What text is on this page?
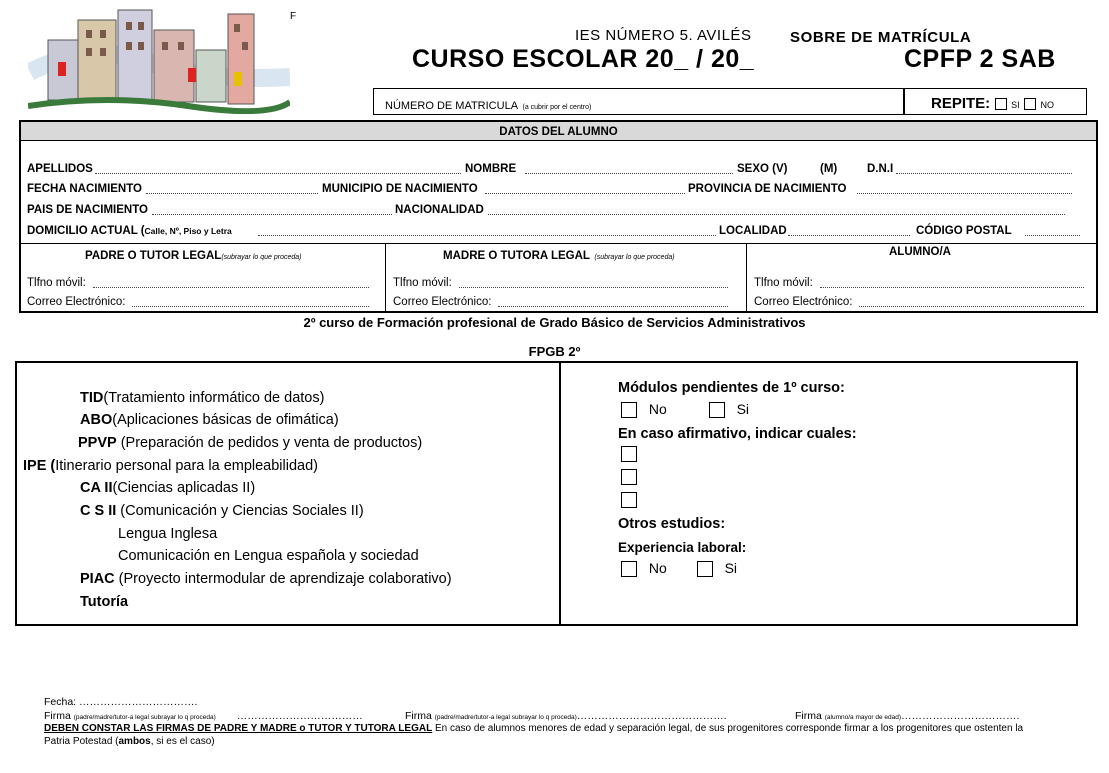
F
IES NÚMERO 5. AVILÉS	SOBRE DE MATRÍCULA
CURSO ESCOLAR 20_ / 20_	CPFP 2 SAB
NÚMERO DE MATRICULA (a cubrir por el centro)	REPITE: SI NO
DATOS DEL ALUMNO
APELLIDOS	NOMBRE	SEXO (V)	(M)	D.N.I
FECHA NACIMIENTO	MUNICIPIO DE NACIMIENTO	PROVINCIA DE NACIMIENTO
PAIS DE NACIMIENTO	NACIONALIDAD
DOMICILIO ACTUAL (Calle, Nº, Piso y Letra	LOCALIDAD	CÓDIGO POSTAL
PADRE O TUTOR LEGAL(subrayar lo que proceda)	MADRE O TUTORA LEGAL (subrayar lo que proceda)	ALUMNO/A
Tlfno móvil:
Correo Electrónico:
Tlfno móvil:
Correo Electrónico:
Tlfno móvil:
Correo Electrónico:
2º curso de Formación profesional de Grado Básico de Servicios Administrativos
FPGB 2º
TID(Tratamiento informático de datos)
ABO(Aplicaciones básicas de ofimática)
PPVP (Preparación de pedidos y venta de productos)
IPE (Itinerario personal para la empleabilidad)
CA II(Ciencias aplicadas II)
C S II (Comunicación y Ciencias Sociales II)
Lengua Inglesa
Comunicación en Lengua española y sociedad
PIAC (Proyecto intermodular de aprendizaje colaborativo)
Tutoría
Módulos pendientes de 1º curso:
No	Si
En caso afirmativo, indicar cuales:
Otros estudios:
Experiencia laboral:
No	Si
Fecha: …………………………….
Firma (padre/madre/tutor-a legal subrayar lo q proceda) ………………………………	Firma (padre/madre/tutor-a legal subrayar lo q proceda)…………………………………….	Firma (alumno/a mayor de edad)…………………………….
DEBEN CONSTAR LAS FIRMAS DE PADRE Y MADRE o TUTOR Y TUTORA LEGAL En caso de alumnos menores de edad y separación legal, de sus progenitores corresponde firmar a los progenitores que ostenten la
Patria Potestad (ambos, si es el caso)
